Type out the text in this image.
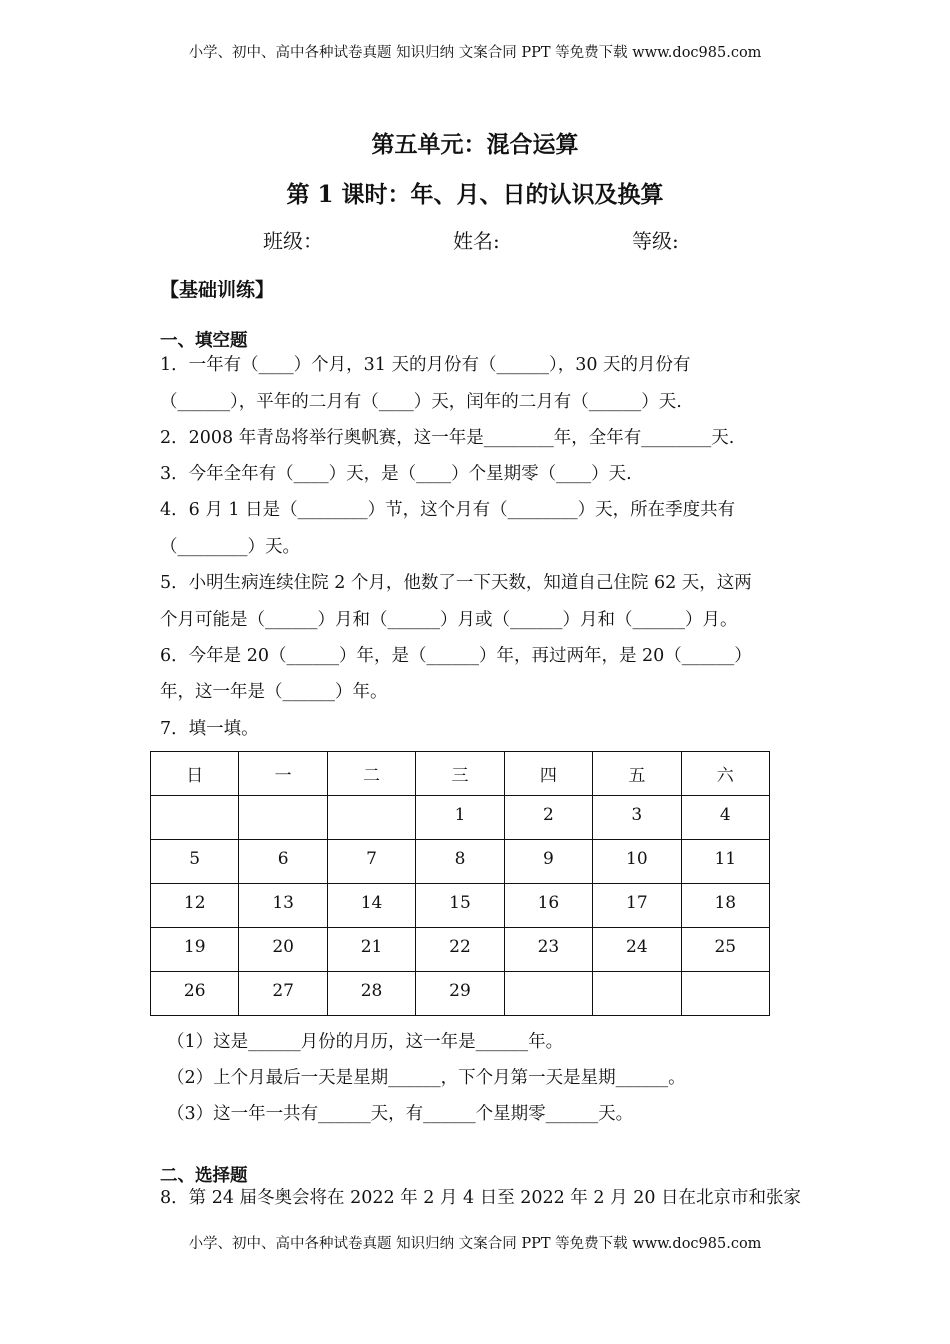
小学、初中、高中各种试卷真题 知识归纳 文案合同 PPT 等免费下载 www.doc985.com
第五单元：混合运算
第 1 课时：年、月、日的认识及换算
班级：	姓名:	等级:
【基础训练】
一、填空题
1．一年有（____）个月，31 天的月份有（______），30 天的月份有
（______），平年的二月有（____）天，闰年的二月有（______）天.
2．2008 年青岛将举行奥帆赛，这一年是________年，全年有________天.
3．今年全年有（____）天，是（____）个星期零（____）天.
4．6 月 1 日是（________）节，这个月有（________）天，所在季度共有
（________）天。
5．小明生病连续住院 2 个月，他数了一下天数，知道自己住院 62 天，这两
个月可能是（______）月和（______）月或（______）月和（______）月。
6．今年是 20（______）年，是（______）年，再过两年，是 20（______）
年，这一年是（______）年。
7．填一填。
日	一	二	三	四	五	六
			1	2	3	4
5	6	7	8	9	10	11
12	13	14	15	16	17	18
19	20	21	22	23	24	25
26	27	28	29			
（1）这是______月份的月历，这一年是______年。
（2）上个月最后一天是星期______，下个月第一天是星期______。
（3）这一年一共有______天，有______个星期零______天。
二、选择题
8．第 24 届冬奥会将在 2022 年 2 月 4 日至 2022 年 2 月 20 日在北京市和张家
小学、初中、高中各种试卷真题 知识归纳 文案合同 PPT 等免费下载 www.doc985.com
